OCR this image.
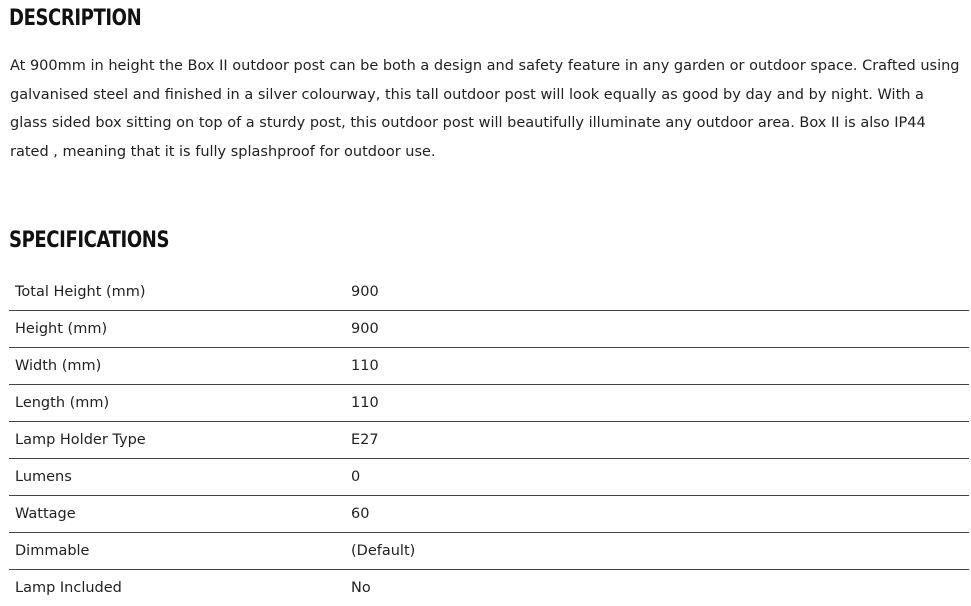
DESCRIPTION

At 900mm in height the Box II outdoor post can be both a design and safety feature in any garden or outdoor space. Crafted using galvanised steel and finished in a silver colourway, this tall outdoor post will look equally as good by day and by night. With a glass sided box sitting on top of a sturdy post, this outdoor post will beautifully illuminate any outdoor area. Box II is also IP44 rated , meaning that it is fully splashproof for outdoor use.

SPECIFICATIONS
Total Height (mm)	900
Height (mm)	900
Width (mm)	110
Length (mm)	110
Lamp Holder Type	E27
Lumens	0
Wattage	60
Dimmable	(Default)
Lamp Included	No
